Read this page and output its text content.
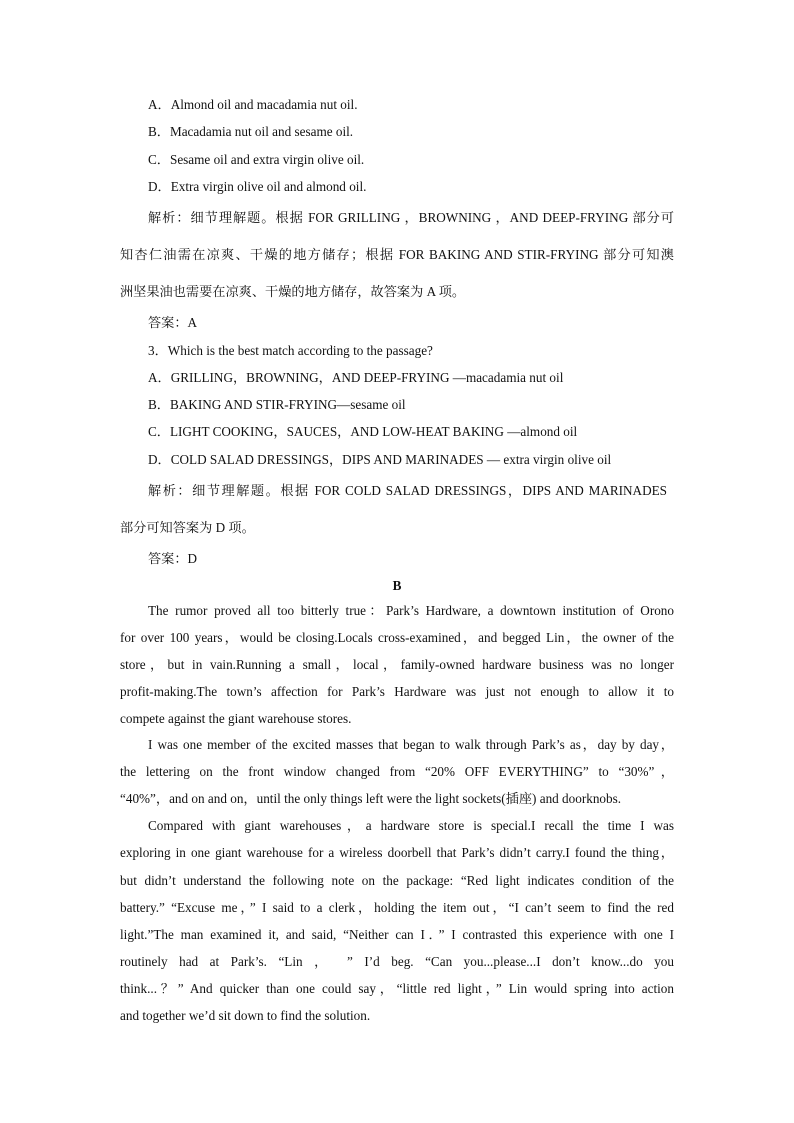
A．Almond oil and macadamia nut oil.
B．Macadamia nut oil and sesame oil.
C．Sesame oil and extra virgin olive oil.
D．Extra virgin olive oil and almond oil.
解析：细节理解题。根据 FOR GRILLING ，BROWNING ，AND DEEP-FRYING 部分可
知杏仁油需在凉爽、干燥的地方储存；根据 FOR BAKING AND STIR-FRYING 部分可知澳
洲坚果油也需要在凉爽、干燥的地方储存，故答案为 A 项。
答案：A
3．Which is the best match according to the passage?
A．GRILLING，BROWNING，AND DEEP-FRYING —macadamia nut oil
B．BAKING AND STIR-FRYING—sesame oil
C．LIGHT COOKING，SAUCES，AND LOW-HEAT BAKING —almond oil
D．COLD SALAD DRESSINGS，DIPS AND MARINADES — extra virgin olive oil
解析：细节理解题。根据 FOR COLD SALAD DRESSINGS，DIPS AND MARINADES
部分可知答案为 D 项。
答案：D
B
The rumor proved all too bitterly true：Park’s Hardware, a downtown institution of Orono
for over 100 years，would be closing.Locals cross-examined，and begged Lin，the owner of the
store，but in vain.Running a small，local，family-owned hardware business was no longer
profit-making.The town’s affection for Park’s Hardware was just not enough to allow it to
compete against the giant warehouse stores.
I was one member of the excited masses that began to walk through Park’s as，day by day，
the lettering on the front window changed from “20% OFF EVERYTHING” to “30%”，
“40%”，and on and on，until the only things left were the light sockets(插座) and doorknobs.
Compared with giant warehouses，a hardware store is special.I recall the time I was
exploring in one giant warehouse for a wireless doorbell that Park’s didn’t carry.I found the thing，
but didn’t understand the following note on the package: “Red light indicates condition of the
battery.” “Excuse me，” I said to a clerk，holding the item out，“I can’t seem to find the red
light.”The man examined it, and said, “Neither can I．” I contrasted this experience with one I
routinely had at Park’s. “Lin ， ” I’d beg. “Can you...please...I don’t know...do you
think...？” And quicker than one could say，“little red light，” Lin would spring into action
and together we’d sit down to find the solution.
